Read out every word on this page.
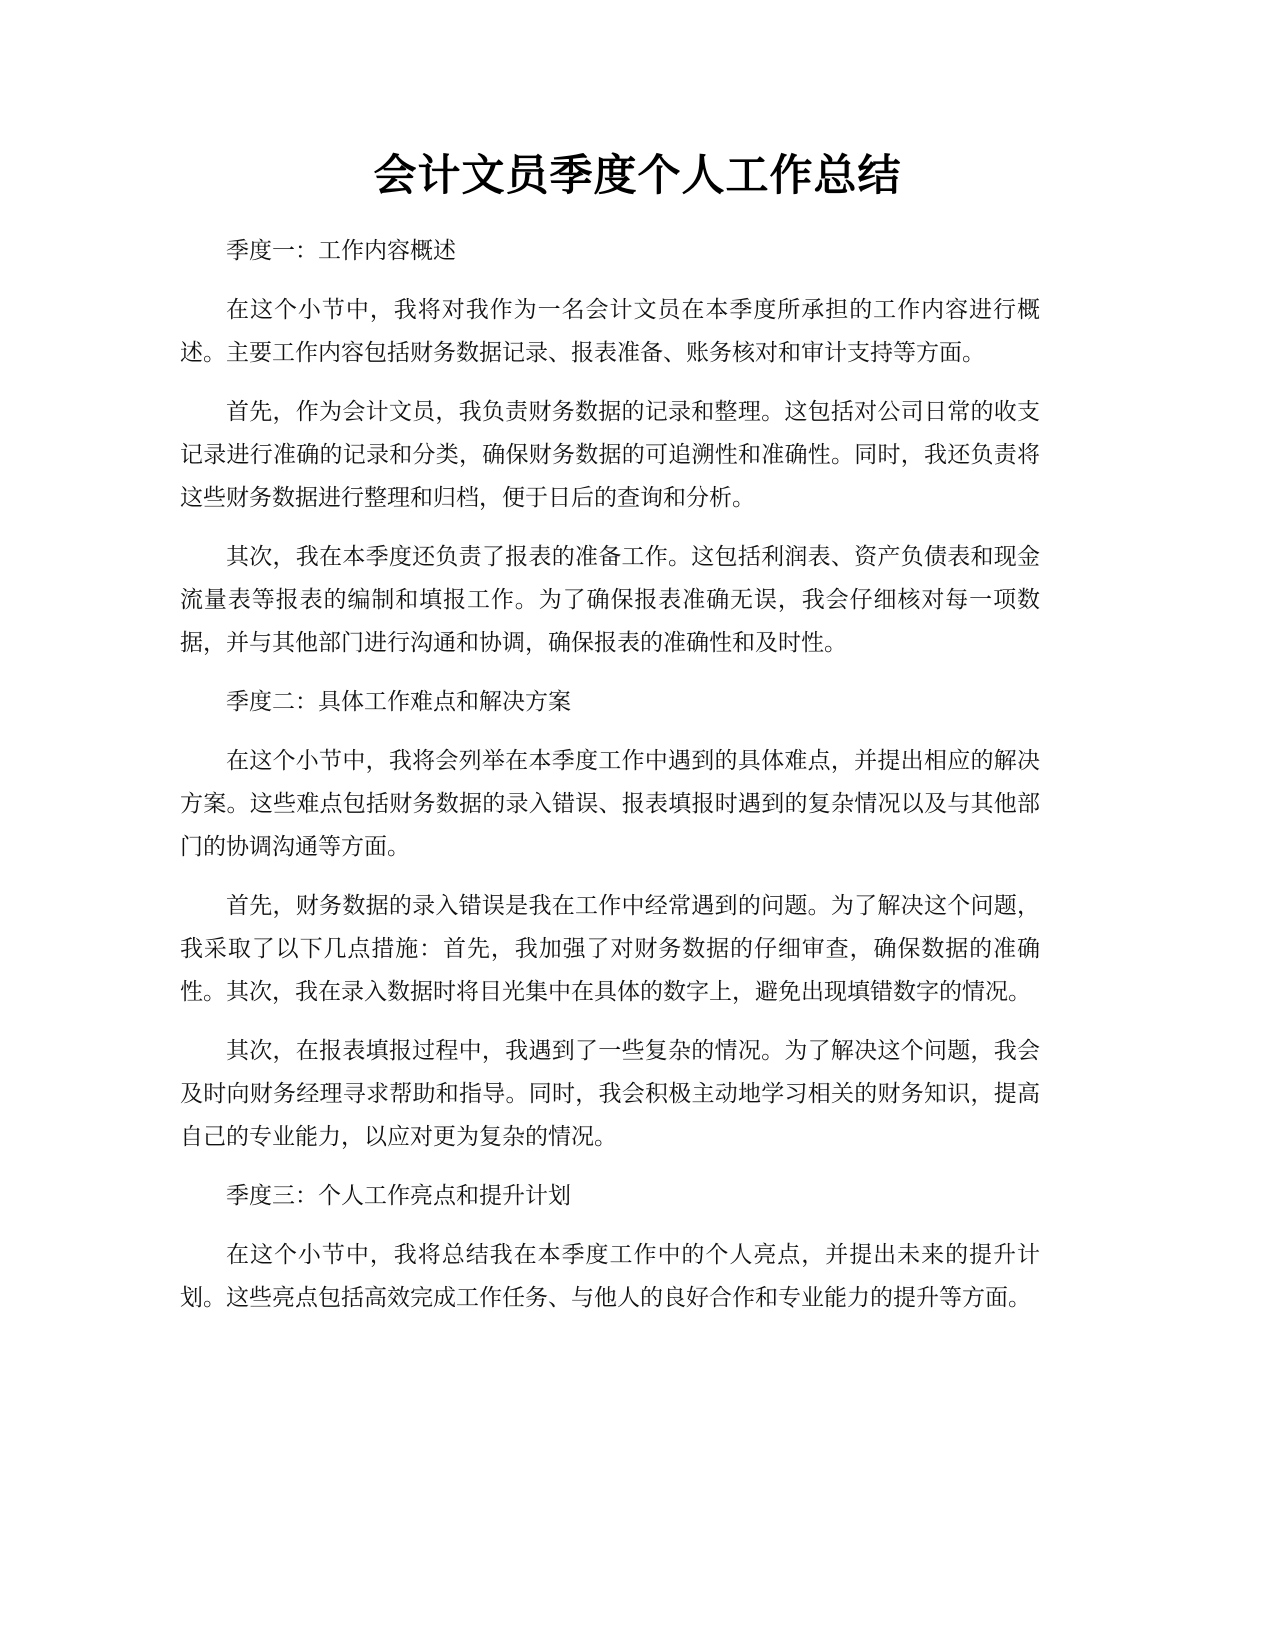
会计文员季度个人工作总结

季度一：工作内容概述

在这个小节中，我将对我作为一名会计文员在本季度所承担的工作内容进行概述。主要工作内容包括财务数据记录、报表准备、账务核对和审计支持等方面。

首先，作为会计文员，我负责财务数据的记录和整理。这包括对公司日常的收支记录进行准确的记录和分类，确保财务数据的可追溯性和准确性。同时，我还负责将这些财务数据进行整理和归档，便于日后的查询和分析。

其次，我在本季度还负责了报表的准备工作。这包括利润表、资产负债表和现金流量表等报表的编制和填报工作。为了确保报表准确无误，我会仔细核对每一项数据，并与其他部门进行沟通和协调，确保报表的准确性和及时性。

季度二：具体工作难点和解决方案

在这个小节中，我将会列举在本季度工作中遇到的具体难点，并提出相应的解决方案。这些难点包括财务数据的录入错误、报表填报时遇到的复杂情况以及与其他部门的协调沟通等方面。

首先，财务数据的录入错误是我在工作中经常遇到的问题。为了解决这个问题，我采取了以下几点措施：首先，我加强了对财务数据的仔细审查，确保数据的准确性。其次，我在录入数据时将目光集中在具体的数字上，避免出现填错数字的情况。

其次，在报表填报过程中，我遇到了一些复杂的情况。为了解决这个问题，我会及时向财务经理寻求帮助和指导。同时，我会积极主动地学习相关的财务知识，提高自己的专业能力，以应对更为复杂的情况。

季度三：个人工作亮点和提升计划

在这个小节中，我将总结我在本季度工作中的个人亮点，并提出未来的提升计划。这些亮点包括高效完成工作任务、与他人的良好合作和专业能力的提升等方面。
